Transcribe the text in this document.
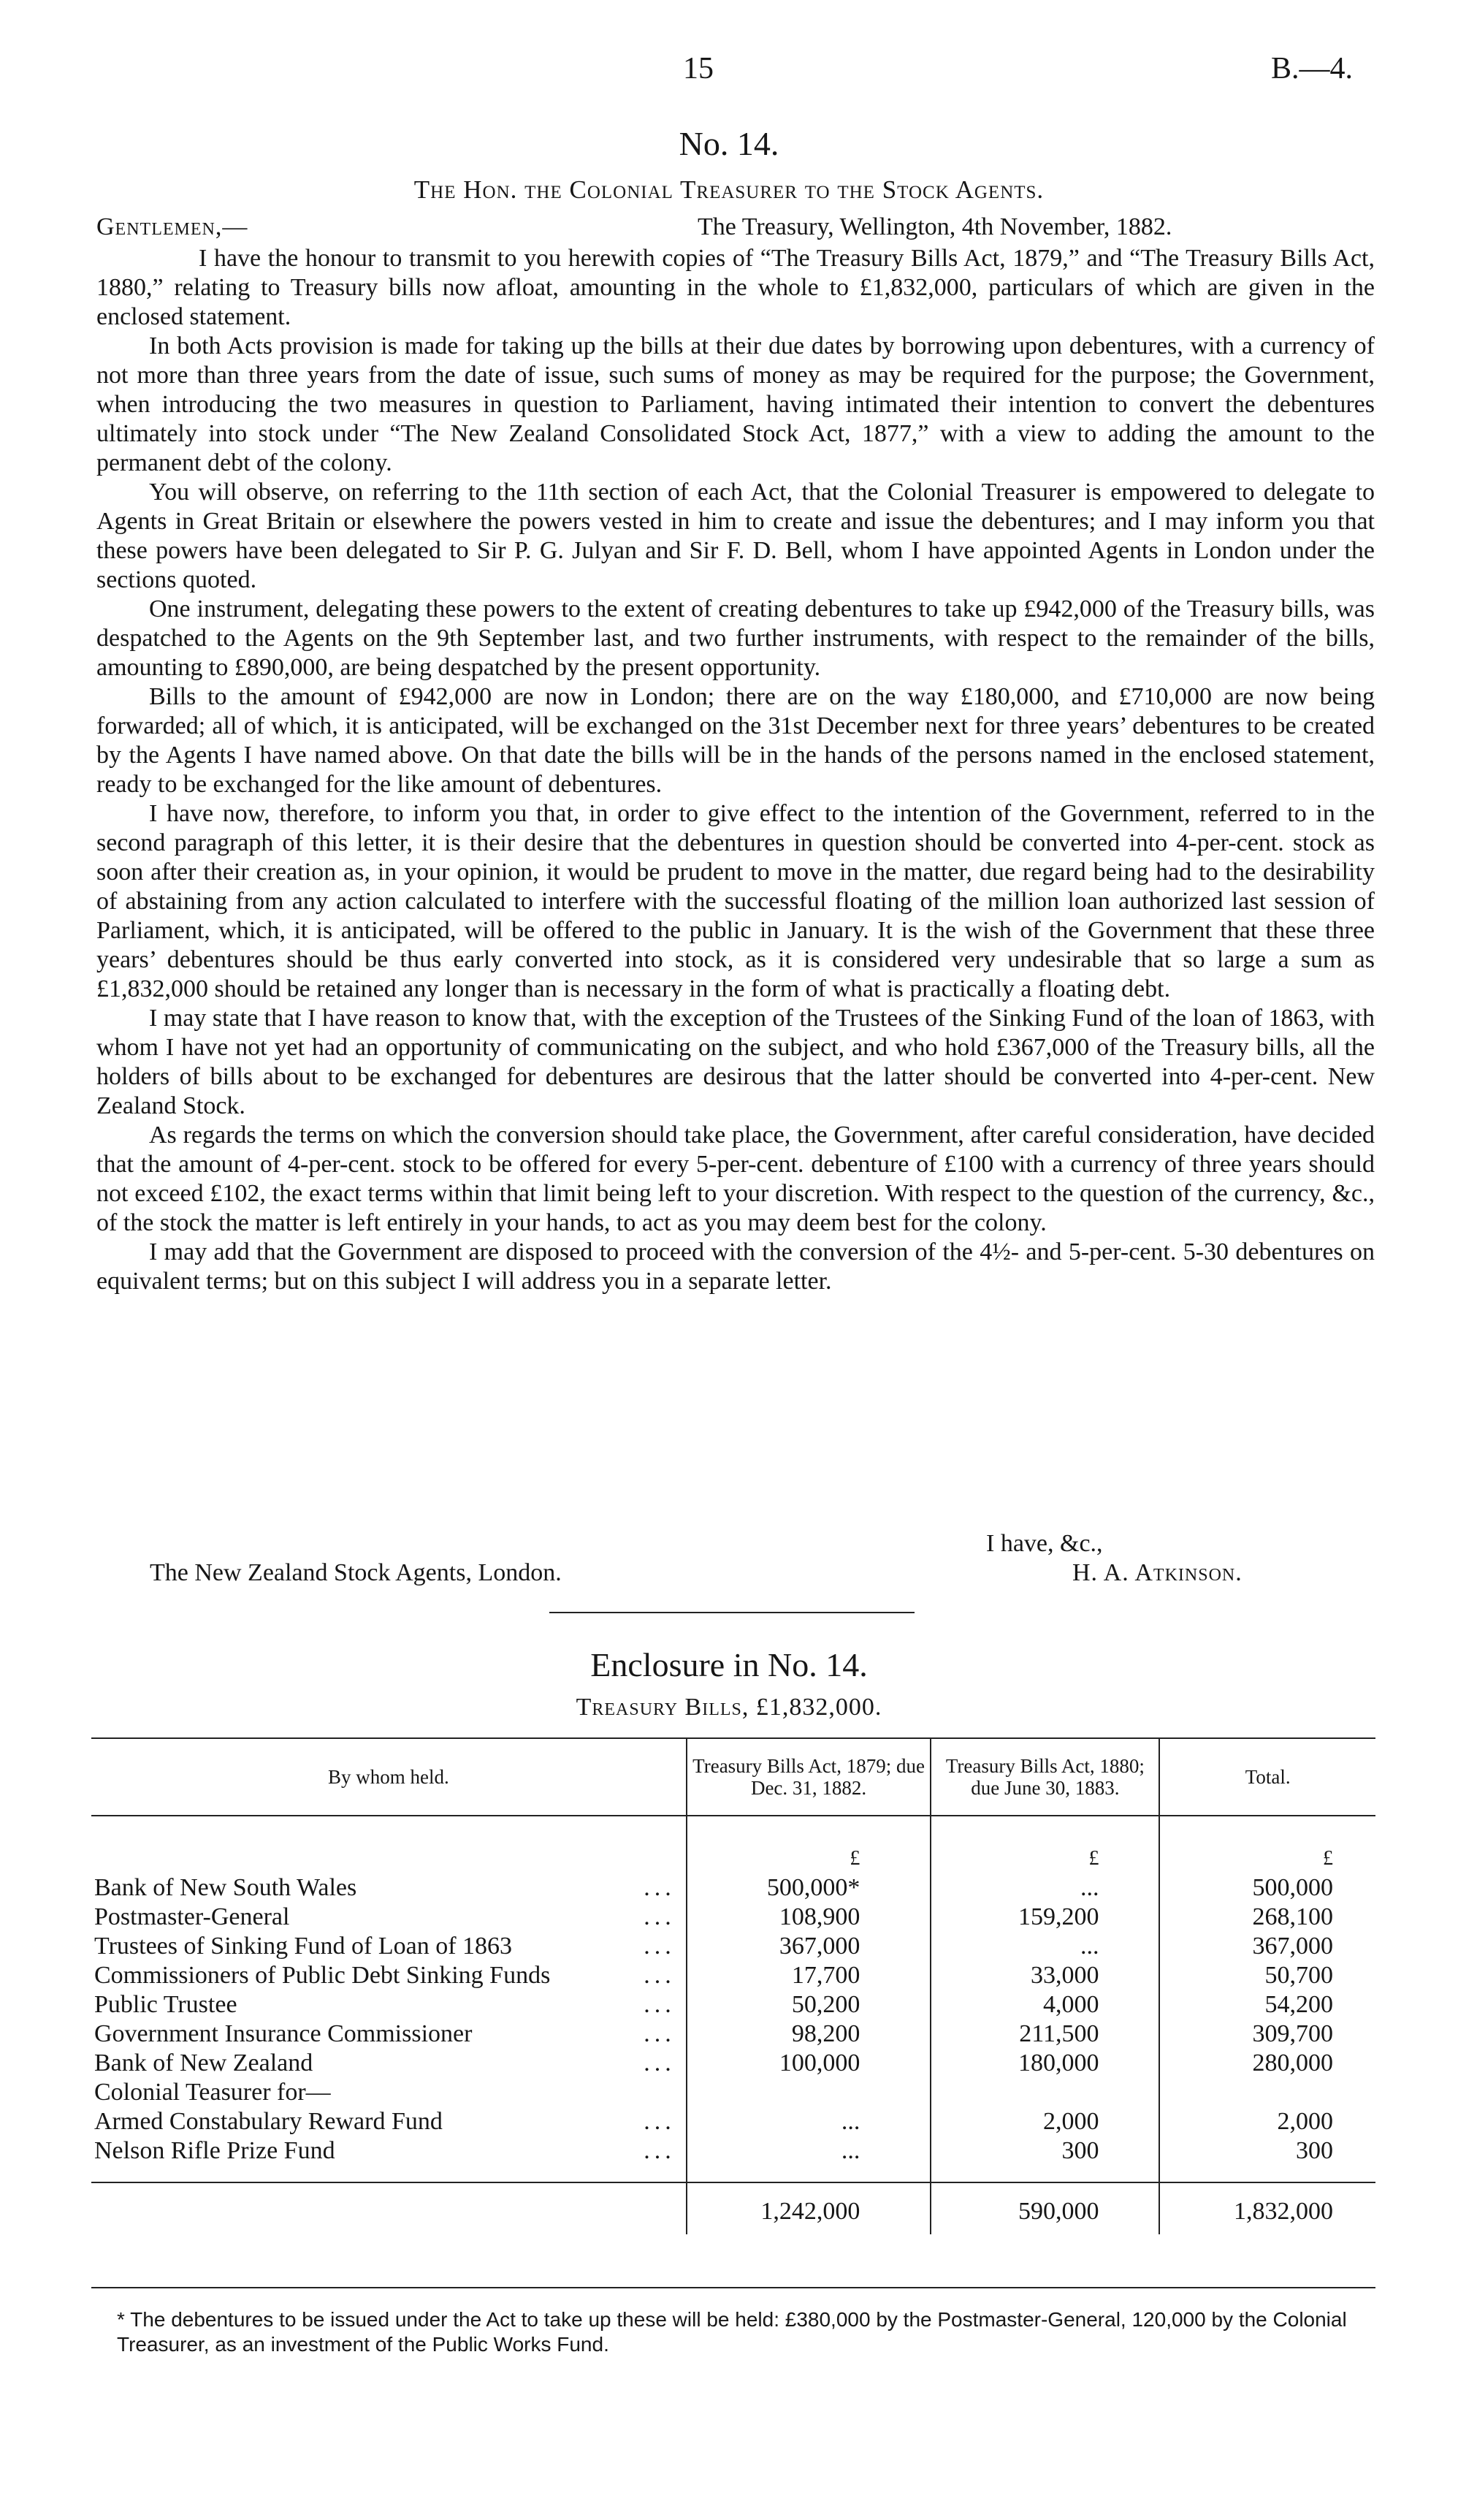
15	B.—4.
No. 14.
The Hon. the Colonial Treasurer to the Stock Agents.
Gentlemen,—	The Treasury, Wellington, 4th November, 1882.

I have the honour to transmit to you herewith copies of “The Treasury Bills Act, 1879,” and “The Treasury Bills Act, 1880,” relating to Treasury bills now afloat, amounting in the whole to £1,832,000, particulars of which are given in the enclosed statement.

In both Acts provision is made for taking up the bills at their due dates by borrowing upon debentures, with a currency of not more than three years from the date of issue, such sums of money as may be required for the purpose; the Government, when introducing the two measures in question to Parliament, having intimated their intention to convert the debentures ultimately into stock under “The New Zealand Consolidated Stock Act, 1877,” with a view to adding the amount to the permanent debt of the colony.

You will observe, on referring to the 11th section of each Act, that the Colonial Treasurer is empowered to delegate to Agents in Great Britain or elsewhere the powers vested in him to create and issue the debentures; and I may inform you that these powers have been delegated to Sir P. G. Julyan and Sir F. D. Bell, whom I have appointed Agents in London under the sections quoted.

One instrument, delegating these powers to the extent of creating debentures to take up £942,000 of the Treasury bills, was despatched to the Agents on the 9th September last, and two further instruments, with respect to the remainder of the bills, amounting to £890,000, are being despatched by the present opportunity.

Bills to the amount of £942,000 are now in London; there are on the way £180,000, and £710,000 are now being forwarded; all of which, it is anticipated, will be exchanged on the 31st December next for three years’ debentures to be created by the Agents I have named above. On that date the bills will be in the hands of the persons named in the enclosed statement, ready to be exchanged for the like amount of debentures.

I have now, therefore, to inform you that, in order to give effect to the intention of the Government, referred to in the second paragraph of this letter, it is their desire that the debentures in question should be converted into 4-per-cent. stock as soon after their creation as, in your opinion, it would be prudent to move in the matter, due regard being had to the desirability of abstaining from any action calculated to interfere with the successful floating of the million loan authorized last session of Parliament, which, it is anticipated, will be offered to the public in January. It is the wish of the Government that these three years’ debentures should be thus early converted into stock, as it is considered very undesirable that so large a sum as £1,832,000 should be retained any longer than is necessary in the form of what is practically a floating debt.

I may state that I have reason to know that, with the exception of the Trustees of the Sinking Fund of the loan of 1863, with whom I have not yet had an opportunity of communicating on the subject, and who hold £367,000 of the Treasury bills, all the holders of bills about to be exchanged for debentures are desirous that the latter should be converted into 4-per-cent. New Zealand Stock.

As regards the terms on which the conversion should take place, the Government, after careful consideration, have decided that the amount of 4-per-cent. stock to be offered for every 5-per-cent. debenture of £100 with a currency of three years should not exceed £102, the exact terms within that limit being left to your discretion. With respect to the question of the currency, &c., of the stock the matter is left entirely in your hands, to act as you may deem best for the colony.

I may add that the Government are disposed to proceed with the conversion of the 4½- and 5-per-cent. 5-30 debentures on equivalent terms; but on this subject I will address you in a separate letter.

I have, &c.,
The New Zealand Stock Agents, London.	H. A. Atkinson.
Enclosure in No. 14.
Treasury Bills, £1,832,000.
By whom held.	Treasury Bills Act, 1879; due Dec. 31, 1882.	Treasury Bills Act, 1880; due June 30, 1883.	Total.
	£	£	£
Bank of New South Wales ...	500,000*	...	500,000
Postmaster-General ...	108,900	159,200	268,100
Trustees of Sinking Fund of Loan of 1863 ...	367,000	...	367,000
Commissioners of Public Debt Sinking Funds ...	17,700	33,000	50,700
Public Trustee ...	50,200	4,000	54,200
Government Insurance Commissioner ...	98,200	211,500	309,700
Bank of New Zealand ...	100,000	180,000	280,000
Colonial Teasurer for—			
Armed Constabulary Reward Fund ...	...	2,000	2,000
Nelson Rifle Prize Fund ...	...	300	300

	1,242,000	590,000	1,832,000
* The debentures to be issued under the Act to take up these will be held: £380,000 by the Postmaster-General, 120,000 by the Colonial Treasurer, as an investment of the Public Works Fund.
